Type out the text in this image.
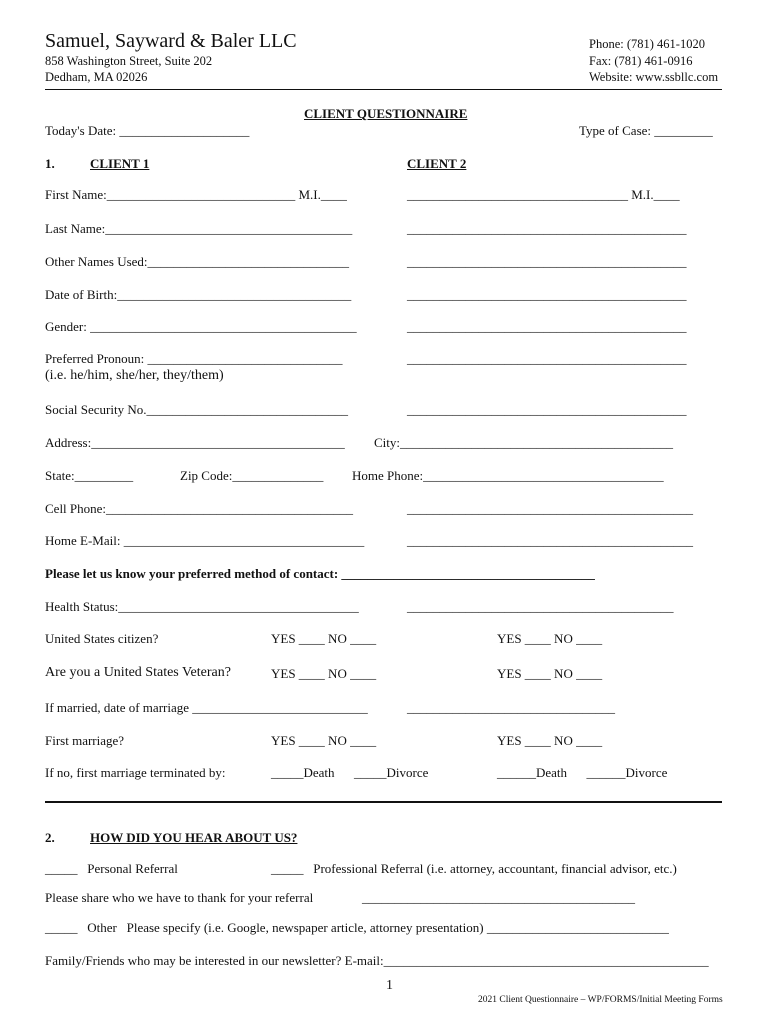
Samuel, Sayward & Baler LLC
858 Washington Street, Suite 202
Dedham, MA 02026
Phone: (781) 461-1020
Fax: (781) 461-0916
Website: www.ssbllc.com
CLIENT QUESTIONNAIRE
Today's Date: ____________________	Type of Case: _________
1.	CLIENT 1	CLIENT 2
First Name:_____________________________ M.I.____	__________________________________ M.I.____
Last Name:______________________________________	___________________________________________
Other Names Used:_______________________________	___________________________________________
Date of Birth:____________________________________	___________________________________________
Gender: _________________________________________	___________________________________________
Preferred Pronoun: ______________________________	___________________________________________
(i.e. he/him, she/her, they/them)
Social Security No._______________________________	___________________________________________
Address:_______________________________________ City:__________________________________________
State:_________	Zip Code:______________ Home Phone:_____________________________________
Cell Phone:______________________________________	____________________________________________
Home E-Mail: _____________________________________	____________________________________________
Please let us know your preferred method of contact: _______________________________________
Health Status:_____________________________________	_________________________________________
United States citizen?	YES ____ NO ____	YES ____ NO ____
Are you a United States Veteran?	YES ____ NO ____	YES ____ NO ____
If married, date of marriage ___________________________	________________________________
First marriage?	YES ____ NO ____	YES ____ NO ____
If no, first marriage terminated by:	_____Death      _____Divorce	______Death      ______Divorce
2.	HOW DID YOU HEAR ABOUT US?
_____   Personal Referral	_____   Professional Referral (i.e. attorney, accountant, financial advisor, etc.)
Please share who we have to thank for your referral	__________________________________________
_____   Other   Please specify (i.e. Google, newspaper article, attorney presentation) ____________________________
Family/Friends who may be interested in our newsletter? E-mail:__________________________________________________
1
2021 Client Questionnaire – WP/FORMS/Initial Meeting Forms
